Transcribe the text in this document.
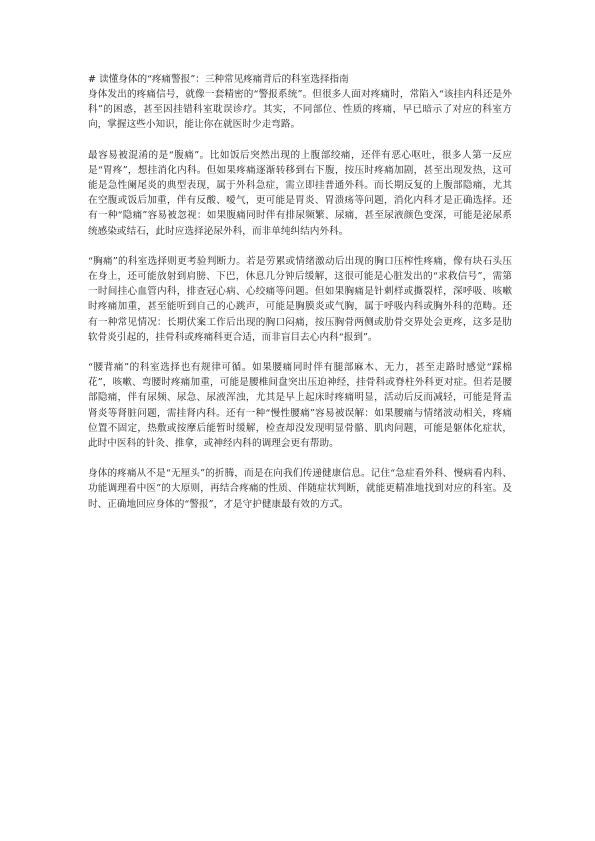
# 读懂身体的“疼痛警报”：三种常见疼痛背后的科室选择指南

身体发出的疼痛信号，就像一套精密的“警报系统”。但很多人面对疼痛时，常陷入“该挂内科还是外科”的困惑，甚至因挂错科室耽误诊疗。其实，不同部位、性质的疼痛，早已暗示了对应的科室方向，掌握这些小知识，能让你在就医时少走弯路。

最容易被混淆的是“腹痛”。比如饭后突然出现的上腹部绞痛，还伴有恶心呕吐，很多人第一反应是“胃疼”，想挂消化内科。但如果疼痛逐渐转移到右下腹，按压时疼痛加剧，甚至出现发热，这可能是急性阑尾炎的典型表现，属于外科急症，需立即挂普通外科。而长期反复的上腹部隐痛，尤其在空腹或饭后加重，伴有反酸、嗳气，更可能是胃炎、胃溃疡等问题，消化内科才是正确选择。还有一种“隐痛”容易被忽视：如果腹痛同时伴有排尿频繁、尿痛，甚至尿液颜色变深，可能是泌尿系统感染或结石，此时应选择泌尿外科，而非单纯纠结内外科。

“胸痛”的科室选择则更考验判断力。若是劳累或情绪激动后出现的胸口压榨性疼痛，像有块石头压在身上，还可能放射到肩膀、下巴，休息几分钟后缓解，这很可能是心脏发出的“求救信号”，需第一时间挂心血管内科，排查冠心病、心绞痛等问题。但如果胸痛是针刺样或撕裂样，深呼吸、咳嗽时疼痛加重，甚至能听到自己的心跳声，可能是胸膜炎或气胸，属于呼吸内科或胸外科的范畴。还有一种常见情况：长期伏案工作后出现的胸口闷痛，按压胸骨两侧或肋骨交界处会更疼，这多是肋软骨炎引起的，挂骨科或疼痛科更合适，而非盲目去心内科“报到”。

“腰背痛”的科室选择也有规律可循。如果腰痛同时伴有腿部麻木、无力，甚至走路时感觉“踩棉花”，咳嗽、弯腰时疼痛加重，可能是腰椎间盘突出压迫神经，挂骨科或脊柱外科更对症。但若是腰部隐痛，伴有尿频、尿急、尿液浑浊，尤其是早上起床时疼痛明显，活动后反而减轻，可能是肾盂肾炎等肾脏问题，需挂肾内科。还有一种“慢性腰痛”容易被误解：如果腰痛与情绪波动相关，疼痛位置不固定，热敷或按摩后能暂时缓解，检查却没发现明显骨骼、肌肉问题，可能是躯体化症状，此时中医科的针灸、推拿，或神经内科的调理会更有帮助。

身体的疼痛从不是“无厘头”的折腾，而是在向我们传递健康信息。记住“急症看外科、慢病看内科、功能调理看中医”的大原则，再结合疼痛的性质、伴随症状判断，就能更精准地找到对应的科室。及时、正确地回应身体的“警报”，才是守护健康最有效的方式。
